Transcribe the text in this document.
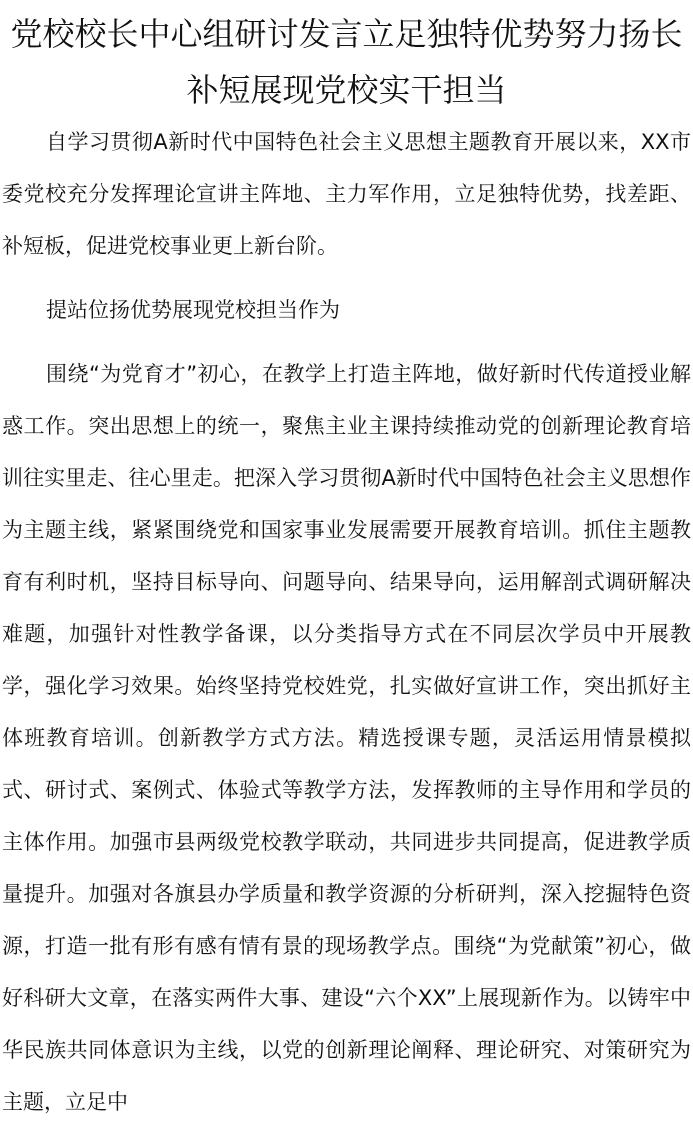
党校校长中心组研讨发言立足独特优势努力扬长补短展现党校实干担当

自学习贯彻A新时代中国特色社会主义思想主题教育开展以来，XX市委党校充分发挥理论宣讲主阵地、主力军作用，立足独特优势，找差距、补短板，促进党校事业更上新台阶。

提站位扬优势展现党校担当作为

围绕“为党育才”初心，在教学上打造主阵地，做好新时代传道授业解惑工作。突出思想上的统一，聚焦主业主课持续推动党的创新理论教育培训往实里走、往心里走。把深入学习贯彻A新时代中国特色社会主义思想作为主题主线，紧紧围绕党和国家事业发展需要开展教育培训。抓住主题教育有利时机，坚持目标导向、问题导向、结果导向，运用解剖式调研解决难题，加强针对性教学备课，以分类指导方式在不同层次学员中开展教学，强化学习效果。始终坚持党校姓党，扎实做好宣讲工作，突出抓好主体班教育培训。创新教学方式方法。精选授课专题，灵活运用情景模拟式、研讨式、案例式、体验式等教学方法，发挥教师的主导作用和学员的主体作用。加强市县两级党校教学联动，共同进步共同提高，促进教学质量提升。加强对各旗县办学质量和教学资源的分析研判，深入挖掘特色资源，打造一批有形有感有情有景的现场教学点。围绕“为党献策”初心，做好科研大文章，在落实两件大事、建设“六个XX”上展现新作为。以铸牢中华民族共同体意识为主线，以党的创新理论阐释、理论研究、对策研究为主题，立足中
